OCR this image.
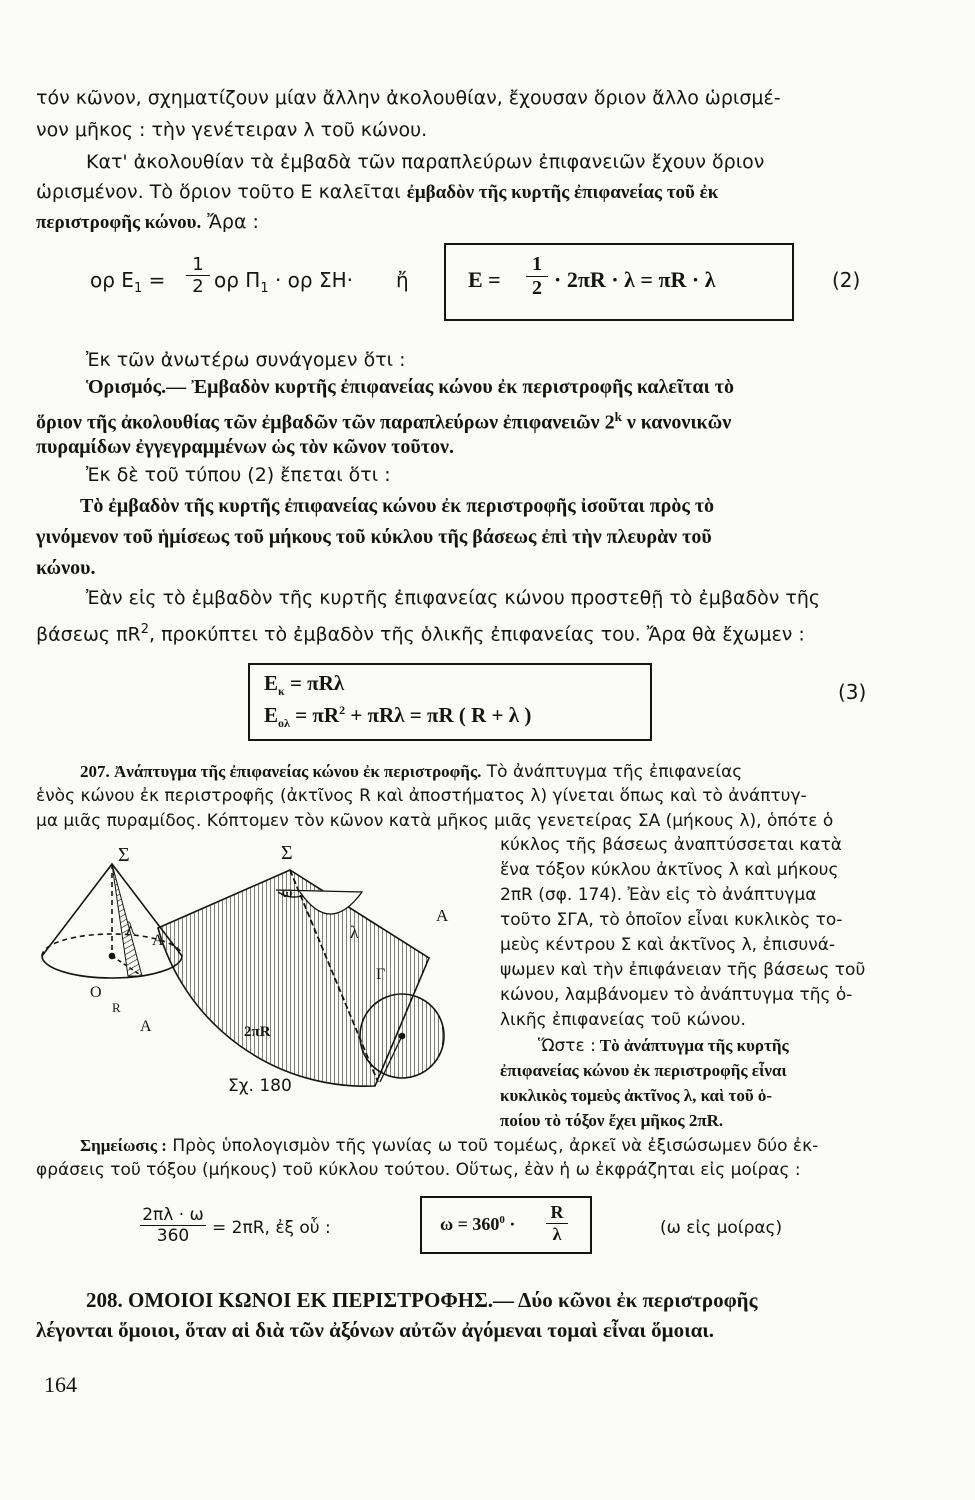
τόν κῶνον, σχηματίζουν μίαν ἄλλην ἀκολουθίαν, ἔχουσαν ὅριον ἄλλο ὡρισμέ-
νον μῆκος : τὴν γενέτειραν λ τοῦ κώνου.
Κατ' ἀκολουθίαν τὰ ἐμβαδὰ τῶν παραπλεύρων ἐπιφανειῶν ἔχουν ὅριον
ὡρισμένον. Τὸ ὅριον τοῦτο Ε καλεῖται ἐμβαδὸν τῆς κυρτῆς ἐπιφανείας τοῦ ἐκ
περιστροφῆς κώνου. Ἄρα :
ορ $E_1 = \frac{1}{2}$ ορ $\Pi_1 \cdot o\rho$ ΣΗ· ἤ	$E = \frac{1}{2} \cdot 2\pi R \cdot \lambda = \pi R \cdot \lambda$	(2)
Ἐκ τῶν ἀνωτέρω συνάγομεν ὅτι :
Ὁρισμός.— Ἐμβαδὸν κυρτῆς ἐπιφανείας κώνου ἐκ περιστροφῆς καλεῖται τὸ
ὅριον τῆς ἀκολουθίας τῶν ἐμβαδῶν τῶν παραπλεύρων ἐπιφανειῶν 2$^k$ ν κανονικῶν
πυραμίδων ἐγγεγραμμένων ὡς τὸν κῶνον τοῦτον.
Ἐκ δὲ τοῦ τύπου (2) ἔπεται ὅτι :
Τὸ ἐμβαδὸν τῆς κυρτῆς ἐπιφανείας κώνου ἐκ περιστροφῆς ἰσοῦται πρὸς τὸ
γινόμενον τοῦ ἡμίσεως τοῦ μήκους τοῦ κύκλου τῆς βάσεως ἐπὶ τὴν πλευρὰν τοῦ
κώνου.
Ἐὰν εἰς τὸ ἐμβαδὸν τῆς κυρτῆς ἐπιφανείας κώνου προστεθῇ τὸ ἐμβαδὸν τῆς
βάσεως $\pi R^2$, προκύπτει τὸ ἐμβαδὸν τῆς ὁλικῆς ἐπιφανείας του. Ἄρα θὰ ἔχωμεν :
$E_\kappa = \pi R\lambda$
$E_{o\lambda} = \pi R^2 + \pi R\lambda = \pi R$ ( R + λ )
(3)
207. Ἀνάπτυγμα τῆς ἐπιφανείας κώνου ἐκ περιστροφῆς. Τὸ ἀνάπτυγμα τῆς ἐπιφανείας
ἑνὸς κώνου ἐκ περιστροφῆς (ἀκτῖνος R καὶ ἀποστήματος λ) γίνεται ὅπως καὶ τὸ ἀνάπτυγ-
μα μιᾶς πυραμίδος. Κόπτομεν τὸν κῶνον κατὰ μῆκος μιᾶς γενετείρας ΣΑ (μήκους λ), ὁπότε ὁ
κύκλος τῆς βάσεως ἀναπτύσσεται κατὰ
ἕνα τόξον κύκλου ἀκτῖνος λ καὶ μήκους
2πR (σφ. 174). Ἐὰν εἰς τὸ ἀνάπτυγμα
τοῦτο ΣΓΑ, τὸ ὁποῖον εἶναι κυκλικὸς το-
μεὺς κέντρου Σ καὶ ἀκτῖνος λ, ἐπισυνά-
ψωμεν καὶ τὴν ἐπιφάνειαν τῆς βάσεως τοῦ
κώνου, λαμβάνομεν τὸ ἀνάπτυγμα τῆς ὁ-
λικῆς ἐπιφανείας τοῦ κώνου.
Ὥστε : Τὸ ἀνάπτυγμα τῆς κυρτῆς
ἐπιφανείας κώνου ἐκ περιστροφῆς εἶναι
κυκλικὸς τομεὺς ἀκτῖνος λ, καὶ τοῦ ὁ-
ποίου τὸ τόξον ἔχει μῆκος 2πR.
Σ	Σ
λ	λ
Α
Α
Α
Ο
R
ω
Γ
2πR
Σχ. 180
Σημείωσις : Πρὸς ὑπολογισμὸν τῆς γωνίας ω τοῦ τομέως, ἀρκεῖ νὰ ἐξισώσωμεν δύο ἐκ-
φράσεις τοῦ τόξου (μήκους) τοῦ κύκλου τούτου. Οὕτως, ἐὰν ἡ ω ἐκφράζηται εἰς μοίρας :
$\frac{2\pi\lambda \cdot \omega}{360} = 2\pi R$, ἐξ οὗ :	$\omega = 360^0 \cdot \frac{R}{\lambda}$	(ω εἰς μοίρας)
208. ΟΜΟΙΟΙ ΚΩΝΟΙ ΕΚ ΠΕΡΙΣΤΡΟΦΗΣ.— Δύο κῶνοι ἐκ περιστροφῆς
λέγονται ὅμοιοι, ὅταν αἱ διὰ τῶν ἀξόνων αὐτῶν ἀγόμεναι τομαὶ εἶναι ὅμοιαι.
164
